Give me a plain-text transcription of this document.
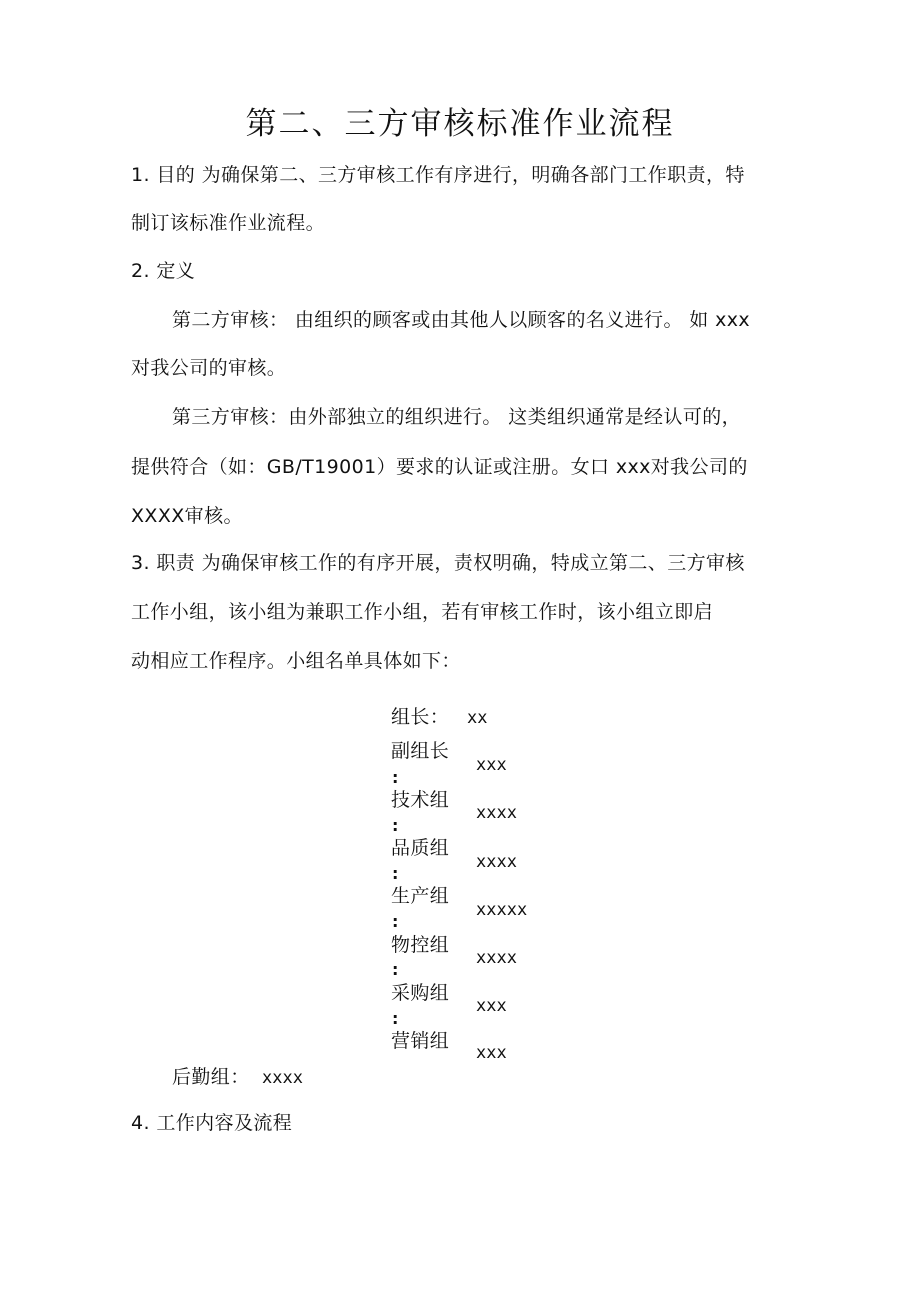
第二、三方审核标准作业流程
1. 目的 为确保第二、三方审核工作有序进行，明确各部门工作职责，特
制订该标准作业流程。
2. 定义
第二方审核： 由组织的顾客或由其他人以顾客的名义进行。 如 xxx
对我公司的审核。
第三方审核：由外部独立的组织进行。 这类组织通常是经认可的，
提供符合（如：GB/T19001）要求的认证或注册。女口 xxx对我公司的
XXXX审核。
3. 职责 为确保审核工作的有序开展，责权明确，特成立第二、三方审核
工作小组，该小组为兼职工作小组，若有审核工作时，该小组立即启
动相应工作程序。小组名单具体如下：
组长： xx
副组长
:
xxx
技术组
:
xxxx
品质组
:
xxxx
生产组
:
xxxxx
物控组
:
xxxx
采购组
:
xxx
营销组
xxx
后勤组： xxxx
4. 工作内容及流程
